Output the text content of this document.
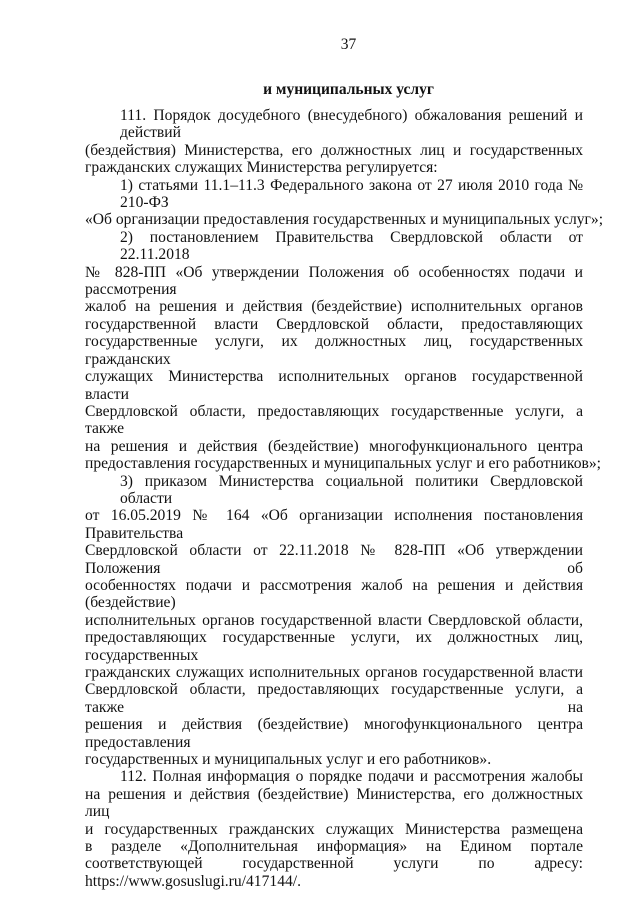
37
и муниципальных услуг
111. Порядок досудебного (внесудебного) обжалования решений и действий
(бездействия) Министерства, его должностных лиц и государственных
гражданских служащих Министерства регулируется:
1) статьями 11.1–11.3 Федерального закона от 27 июля 2010 года № 210-ФЗ
«Об организации предоставления государственных и муниципальных услуг»;
2) постановлением Правительства Свердловской области от 22.11.2018
№ 828-ПП «Об утверждении Положения об особенностях подачи и рассмотрения
жалоб на решения и действия (бездействие) исполнительных органов
государственной власти Свердловской области, предоставляющих
государственные услуги, их должностных лиц, государственных гражданских
служащих Министерства исполнительных органов государственной власти
Свердловской области, предоставляющих государственные услуги, а также
на решения и действия (бездействие) многофункционального центра
предоставления государственных и муниципальных услуг и его работников»;
3) приказом Министерства социальной политики Свердловской области
от 16.05.2019 № 164 «Об организации исполнения постановления Правительства
Свердловской области от 22.11.2018 № 828-ПП «Об утверждении Положения об
особенностях подачи и рассмотрения жалоб на решения и действия (бездействие)
исполнительных органов государственной власти Свердловской области,
предоставляющих государственные услуги, их должностных лиц, государственных
гражданских служащих исполнительных органов государственной власти
Свердловской области, предоставляющих государственные услуги, а также на
решения и действия (бездействие) многофункционального центра предоставления
государственных и муниципальных услуг и его работников».
112. Полная информация о порядке подачи и рассмотрения жалобы
на решения и действия (бездействие) Министерства, его должностных лиц
и государственных гражданских служащих Министерства размещена
в разделе «Дополнительная информация» на Едином портале
соответствующей государственной услуги по адресу:
https://www.gosuslugi.ru/417144/.
